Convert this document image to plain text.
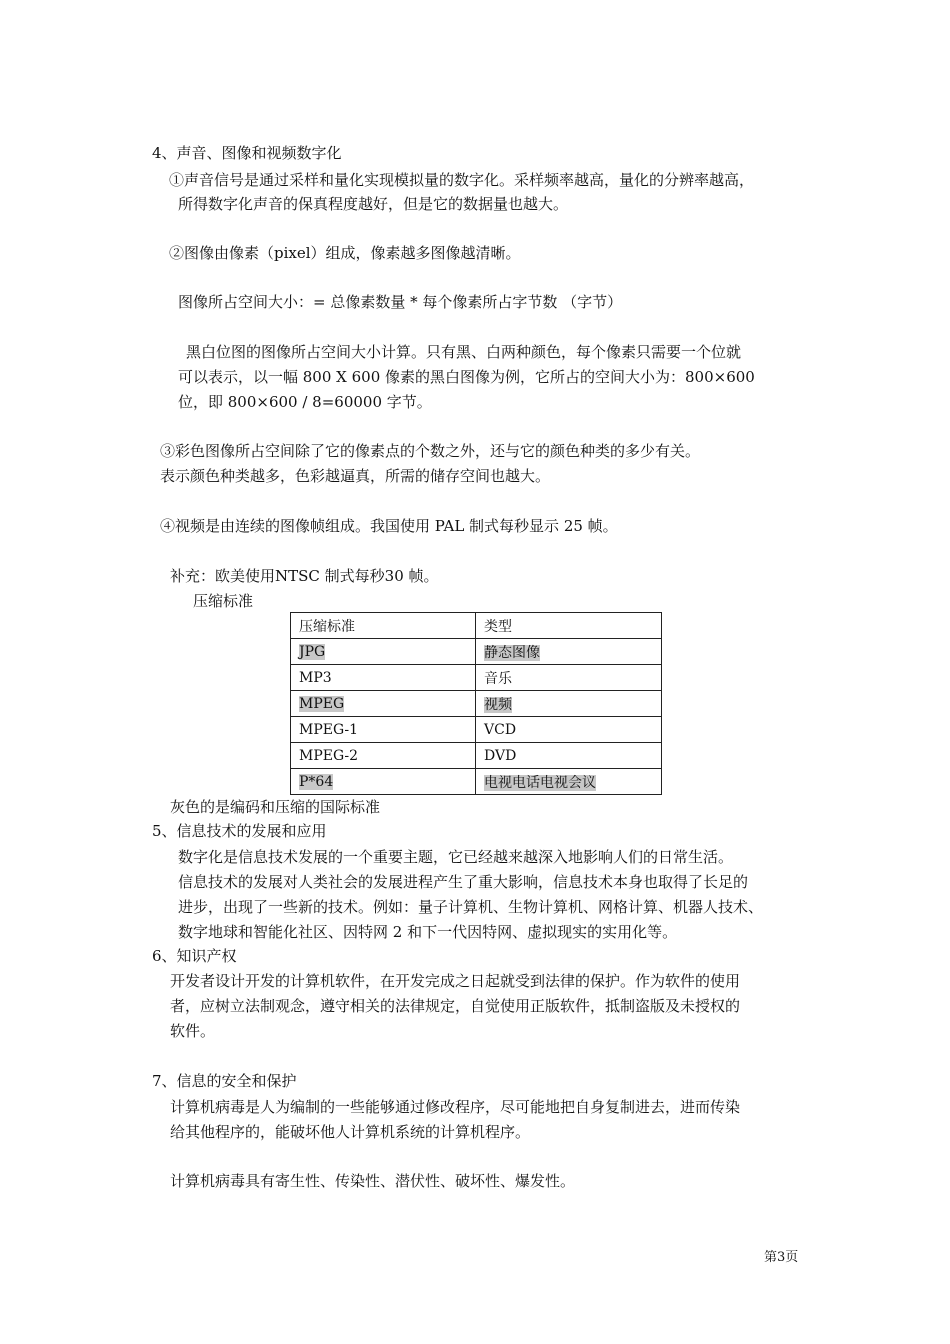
4、声音、图像和视频数字化
①声音信号是通过采样和量化实现模拟量的数字化。采样频率越高，量化的分辨率越高，
所得数字化声音的保真程度越好，但是它的数据量也越大。
②图像由像素（pixel）组成，像素越多图像越清晰。
图像所占空间大小：= 总像素数量 * 每个像素所占字节数 （字节）
黑白位图的图像所占空间大小计算。只有黑、白两种颜色，每个像素只需要一个位就
可以表示，以一幅 800 X 600 像素的黑白图像为例，它所占的空间大小为：800×600
位，即 800×600 / 8=60000 字节。
③彩色图像所占空间除了它的像素点的个数之外，还与它的颜色种类的多少有关。
表示颜色种类越多，色彩越逼真，所需的储存空间也越大。
④视频是由连续的图像帧组成。我国使用 PAL 制式每秒显示 25 帧。
补充：欧美使用NTSC 制式每秒30 帧。
压缩标准
压缩标准	类型
JPG	静态图像
MP3	音乐
MPEG	视频
MPEG-1	VCD
MPEG-2	DVD
P*64	电视电话电视会议
灰色的是编码和压缩的国际标准
5、信息技术的发展和应用
数字化是信息技术发展的一个重要主题，它已经越来越深入地影响人们的日常生活。
信息技术的发展对人类社会的发展进程产生了重大影响，信息技术本身也取得了长足的
进步，出现了一些新的技术。例如：量子计算机、生物计算机、网格计算、机器人技术、
数字地球和智能化社区、因特网 2 和下一代因特网、虚拟现实的实用化等。
6、知识产权
开发者设计开发的计算机软件，在开发完成之日起就受到法律的保护。作为软件的使用
者，应树立法制观念，遵守相关的法律规定，自觉使用正版软件，抵制盗版及未授权的
软件。
7、信息的安全和保护
计算机病毒是人为编制的一些能够通过修改程序，尽可能地把自身复制进去，进而传染
给其他程序的，能破坏他人计算机系统的计算机程序。
计算机病毒具有寄生性、传染性、潜伏性、破坏性、爆发性。
第3页
